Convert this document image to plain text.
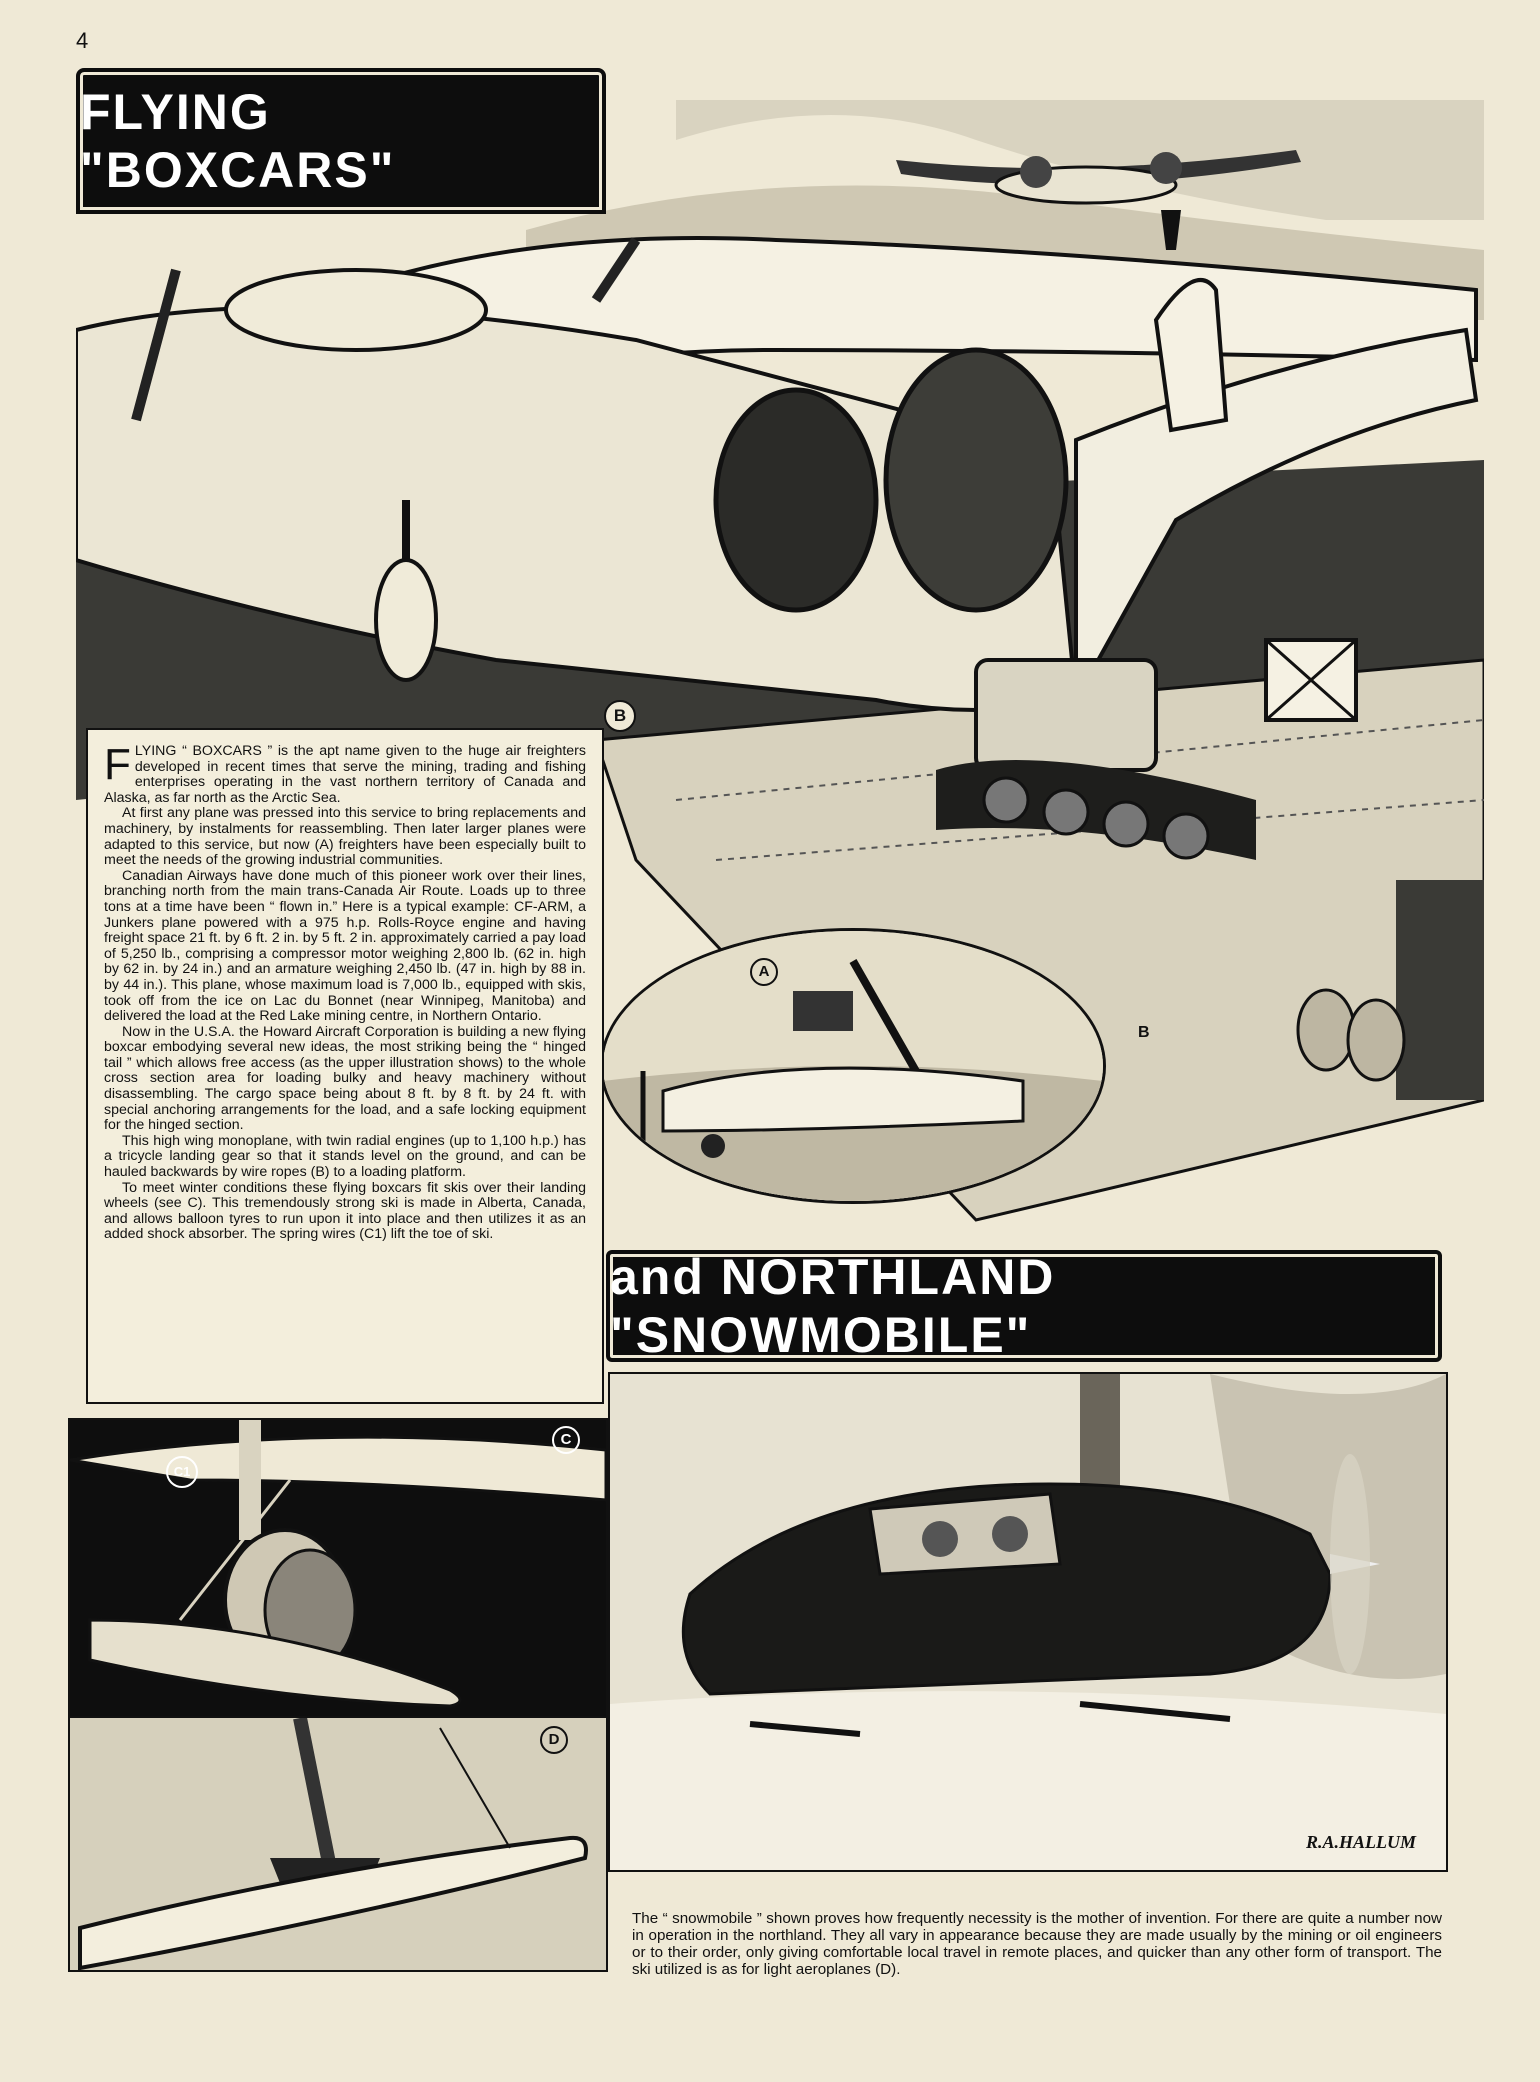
4
FLYING "BOXCARS"
B
B
A

FLYING “ BOXCARS ” is the apt name given to the huge air freighters developed in recent times that serve the mining, trading and fishing enterprises operating in the vast northern territory of Canada and Alaska, as far north as the Arctic Sea.

At first any plane was pressed into this service to bring replacements and machinery, by instalments for reassembling. Then later larger planes were adapted to this service, but now (A) freighters have been especially built to meet the needs of the growing industrial communities.

Canadian Airways have done much of this pioneer work over their lines, branching north from the main trans-Canada Air Route. Loads up to three tons at a time have been “ flown in.” Here is a typical example: CF-ARM, a Junkers plane powered with a 975 h.p. Rolls-Royce engine and having freight space 21 ft. by 6 ft. 2 in. by 5 ft. 2 in. approximately carried a pay load of 5,250 lb., comprising a compressor motor weighing 2,800 lb. (62 in. high by 62 in. by 24 in.) and an armature weighing 2,450 lb. (47 in. high by 88 in. by 44 in.). This plane, whose maximum load is 7,000 lb., equipped with skis, took off from the ice on Lac du Bonnet (near Winnipeg, Manitoba) and delivered the load at the Red Lake mining centre, in Northern Ontario.

Now in the U.S.A. the Howard Aircraft Corporation is building a new flying boxcar embodying several new ideas, the most striking being the “ hinged tail ” which allows free access (as the upper illustration shows) to the whole cross section area for loading bulky and heavy machinery without disassembling. The cargo space being about 8 ft. by 8 ft. by 24 ft. with special anchoring arrangements for the load, and a safe locking equipment for the hinged section.

This high wing monoplane, with twin radial engines (up to 1,100 h.p.) has a tricycle landing gear so that it stands level on the ground, and can be hauled backwards by wire ropes (B) to a loading platform.

To meet winter conditions these flying boxcars fit skis over their landing wheels (see C). This tremendously strong ski is made in Alberta, Canada, and allows balloon tyres to run upon it into place and then utilizes it as an added shock absorber. The spring wires (C1) lift the toe of ski.

and NORTHLAND "SNOWMOBILE"
C
C1
D
R.A.HALLUM
The “ snowmobile ” shown proves how frequently necessity is the mother of invention. For there are quite a number now in operation in the northland. They all vary in appearance because they are made usually by the mining or oil engineers or to their order, only giving comfortable local travel in remote places, and quicker than any other form of transport. The ski utilized is as for light aeroplanes (D).
